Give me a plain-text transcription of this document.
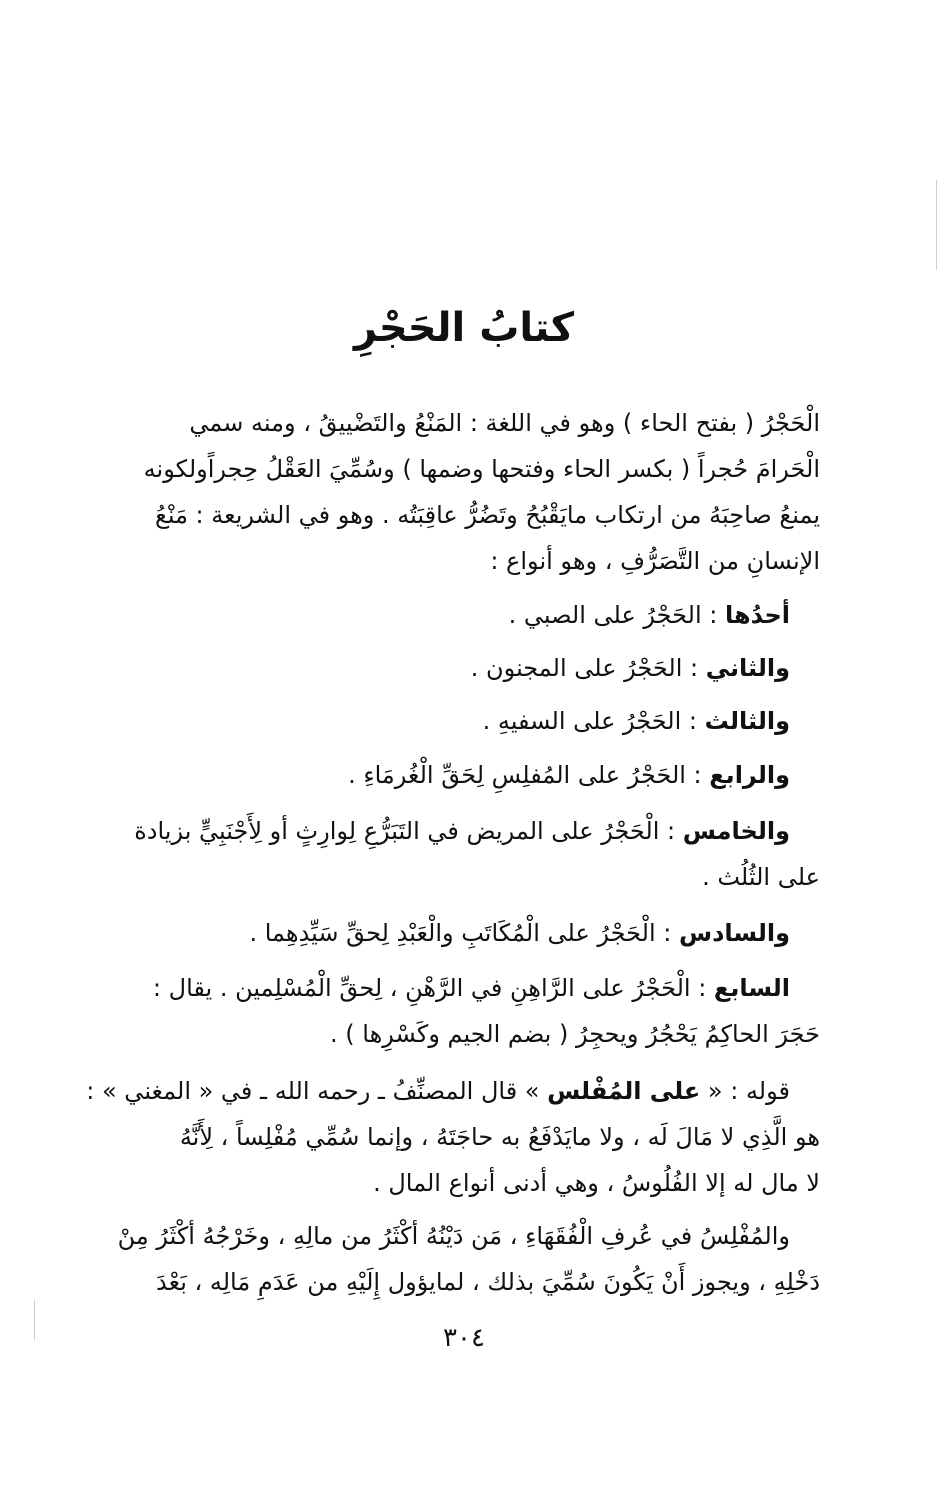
كتابُ الحَجْرِ
الْحَجْرُ ( بفتح الحاء ) وهو في اللغة : المَنْعُ والتَضْييقُ ، ومنه سمي
الْحَرامَ حُجراً ( بكسر الحاء وفتحها وضمها ) وسُمِّيَ العَقْلُ حِجراًولكونه
يمنعُ صاحِبَهُ من ارتكاب مايَقْبُحُ وتَضُرُّ عاقِبَتُه . وهو في الشريعة : مَنْعُ
الإنسانِ من التَّصَرُّفِ ، وهو أنواع :
أحدُها : الحَجْرُ على الصبي .
والثاني : الحَجْرُ على المجنون .
والثالث : الحَجْرُ على السفيهِ .
والرابع : الحَجْرُ على المُفلِسِ لِحَقِّ الْغُرمَاءِ .
والخامس : الْحَجْرُ على المريض في التَبَرُّعِ لِوارِثٍ أو لِأَجْنَبِيٍّ بزيادة
على الثُلُث .
والسادس : الْحَجْرُ على الْمُكَاتَبِ والْعَبْدِ لِحقِّ سَيِّدِهِما .
السابع : الْحَجْرُ على الرَّاهِنِ في الرَّهْنِ ، لِحقِّ الْمُسْلِمين . يقال :
حَجَرَ الحاكِمُ يَحْجُرُ ويحجِرُ ( بضم الجيم وكَسْرِها ) .
قوله : « على المُفْلس » قال المصنِّفُ ـ رحمه الله ـ في « المغني » :
هو الَّذِي لا مَالَ لَه ، ولا مايَدْفَعُ به حاجَتَهُ ، وإنما سُمِّي مُفْلِساً ، لِأَنَّهُ
لا مال له إلا الفُلُوسُ ، وهي أدنى أنواع المال .
والمُفْلِسُ في عُرفِ الْفُقَهَاءِ ، مَن دَيْنُهُ أكْثَرُ من مالِهِ ، وخَرْجُهُ أكْثَرُ مِنْ
دَخْلِهِ ، ويجوز أَنْ يَكُونَ سُمِّيَ بذلك ، لمايؤول إِلَيْهِ من عَدَمِ مَالِه ، بَعْدَ
٣٠٤
